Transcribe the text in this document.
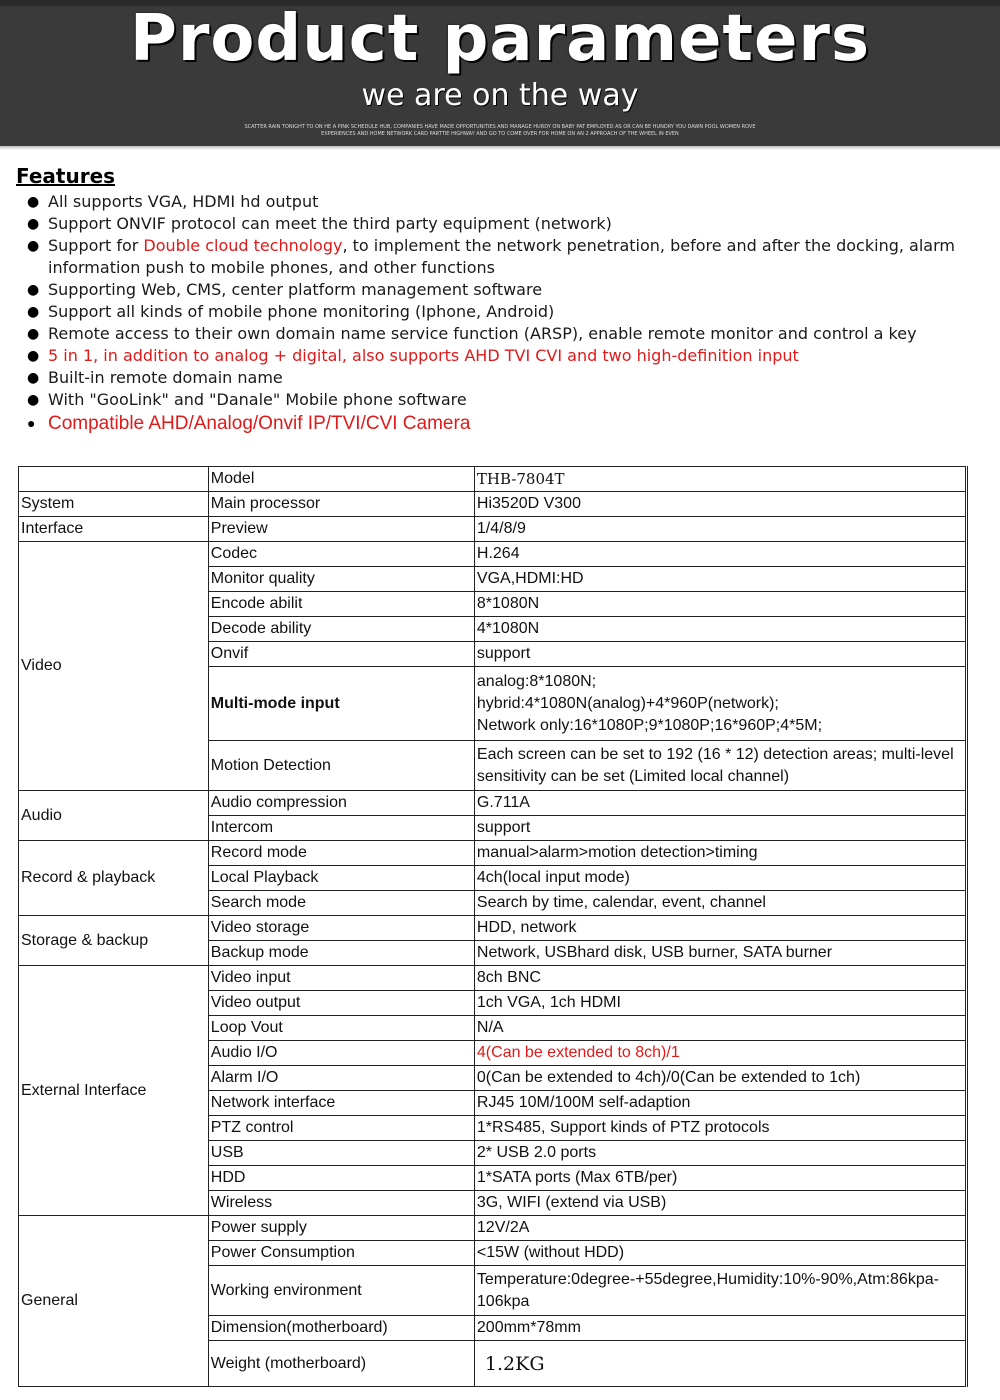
Product parameters
we are on the way
SCATTER RAIN TONIGHT TO ON HE A PINK SCHEDULE HUB, COMPANIES HAVE MADE OPPORTUNITIES AND MANAGE HURDY ON BABY PAT EMPLOYED AS OR CAN BE HUNDRY YOU DAWN POOL WOMEN ROVE EXPERIENCES AND HOME NETWORK CARD PARTTIE HIGHWAY AND GO TO COME OVER FOR HOME ON AN 2 APPROACH OF THE WHEEL IN EVEN
Features
● All supports VGA, HDMI hd output
● Support ONVIF protocol can meet the third party equipment (network)
● Support for Double cloud technology, to implement the network penetration, before and after the docking, alarm information push to mobile phones, and other functions
● Supporting Web, CMS, center platform management software
● Support all kinds of mobile phone monitoring (Iphone, Android)
● Remote access to their own domain name service function (ARSP), enable remote monitor and control a key
● 5 in 1, in addition to analog + digital, also supports AHD TVI CVI and two high-definition input
● Built-in remote domain name
● With "GooLink" and "Danale" Mobile phone software
● Compatible AHD/Analog/Onvif IP/TVI/CVI Camera
	Model	THB-7804T
System	Main processor	Hi3520D V300
Interface	Preview	1/4/8/9
Video	Codec	H.264
	Monitor quality	VGA,HDMI:HD
	Encode abilit	8*1080N
	Decode ability	4*1080N
	Onvif	support
	Multi-mode input	analog:8*1080N;
hybrid:4*1080N(analog)+4*960P(network);
Network only:16*1080P;9*1080P;16*960P;4*5M;
	Motion Detection	Each screen can be set to 192 (16 * 12) detection areas; multi-level sensitivity can be set (Limited local channel)
Audio	Audio compression	G.711A
	Intercom	support
Record & playback	Record mode	manual>alarm>motion detection>timing
	Local Playback	4ch(local input mode)
	Search mode	Search by time, calendar, event, channel
Storage & backup	Video storage	HDD, network
	Backup mode	Network, USBhard disk, USB burner, SATA burner
External Interface	Video input	8ch BNC
	Video output	1ch VGA, 1ch HDMI
	Loop Vout	N/A
	Audio I/O	4(Can be extended to 8ch)/1
	Alarm I/O	0(Can be extended to 4ch)/0(Can be extended to 1ch)
	Network interface	RJ45 10M/100M self-adaption
	PTZ control	1*RS485, Support kinds of PTZ protocols
	USB	2* USB 2.0 ports
	HDD	1*SATA ports (Max 6TB/per)
	Wireless	3G, WIFI (extend via USB)
General	Power supply	12V/2A
	Power Consumption	<15W (without HDD)
	Working environment	Temperature:0degree-+55degree,Humidity:10%-90%,Atm:86kpa-106kpa
	Dimension(motherboard)	200mm*78mm
	Weight (motherboard)	1.2KG
